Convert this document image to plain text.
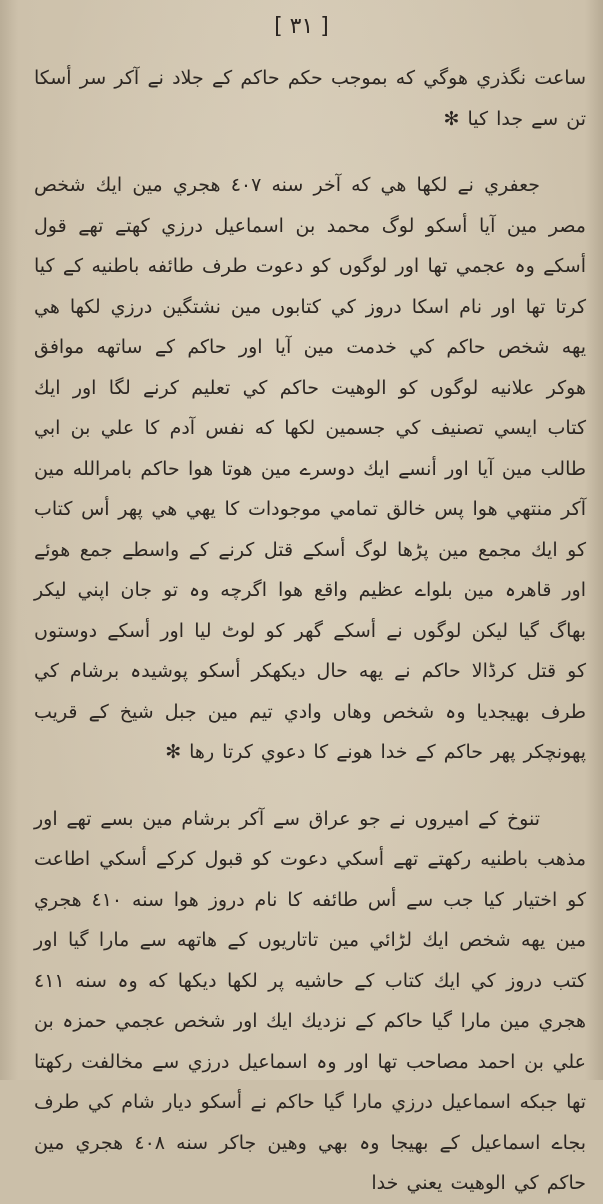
[ ٣١ ]

ساعت نگذري هوگي كه بموجب حكم حاكم كے جلاد نے آكر سر أسكا تن سے جدا كيا ✻

جعفري نے لكها هي كه آخر سنه ٤٠٧ هجري مين ايك شخص مصر مين آيا أسكو لوگ محمد بن اسماعيل درزي كهتے تهے قول أسكے وہ عجمي تها اور لوگوں كو دعوت طرف طائفه باطنيه كے كيا كرتا تها اور نام اسكا دروز كي كتابوں مين نشتگين درزي لكها هي يهه شخص حاكم كي خدمت مين آيا اور حاكم كے ساتهه موافق هوكر علانيه لوگوں كو الوهيت حاكم كي تعليم كرنے لگا اور ايك كتاب ايسي تصنيف كي جسمين لكها كه نفس آدم كا علي بن ابي طالب مين آيا اور أنسے ايك دوسرے مين هوتا هوا حاكم بامرالله مين آكر منتهي هوا پس خالق تمامي موجودات كا يهي هي پهر أس كتاب كو ايك مجمع مين پڑها لوگ أسكے قتل كرنے كے واسطے جمع هوئے اور قاهرہ مين بلواے عظيم واقع هوا اگرچه وہ تو جان اپني ليكر بهاگ گيا ليكن لوگوں نے أسكے گهر كو لوٹ ليا اور أسكے دوستوں كو قتل كرڈالا حاكم نے يهه حال ديكهكر أسكو پوشيدہ برشام كي طرف بهيجديا وہ شخص وهاں وادي تيم مين جبل شيخ كے قريب پهونچكر پهر حاكم كے خدا هونے كا دعوي كرتا رها ✻

تنوخ كے اميروں نے جو عراق سے آكر برشام مين بسے تهے اور مذهب باطنيه ركهتے تهے أسكي دعوت كو قبول كركے أسكي اطاعت كو اختيار كيا جب سے أس طائفه كا نام دروز هوا سنه ٤١٠ هجري مين يهه شخص ايك لڑائي مين تاتاريوں كے هاتهه سے مارا گيا اور كتب دروز كي ايك كتاب كے حاشيه پر لكها ديكها كه وہ سنه ٤١١ هجري مين مارا گيا حاكم كے نزديك ايك اور شخص عجمي حمزہ بن علي بن احمد مصاحب تها اور وہ اسماعيل درزي سے مخالفت ركهتا تها جبكه اسماعيل درزي مارا گيا حاكم نے أسكو ديار شام كي طرف بجاے اسماعيل كے بهيجا وہ بهي وهين جاكر سنه ٤٠٨ هجري مين حاكم كي الوهيت يعني خدا
